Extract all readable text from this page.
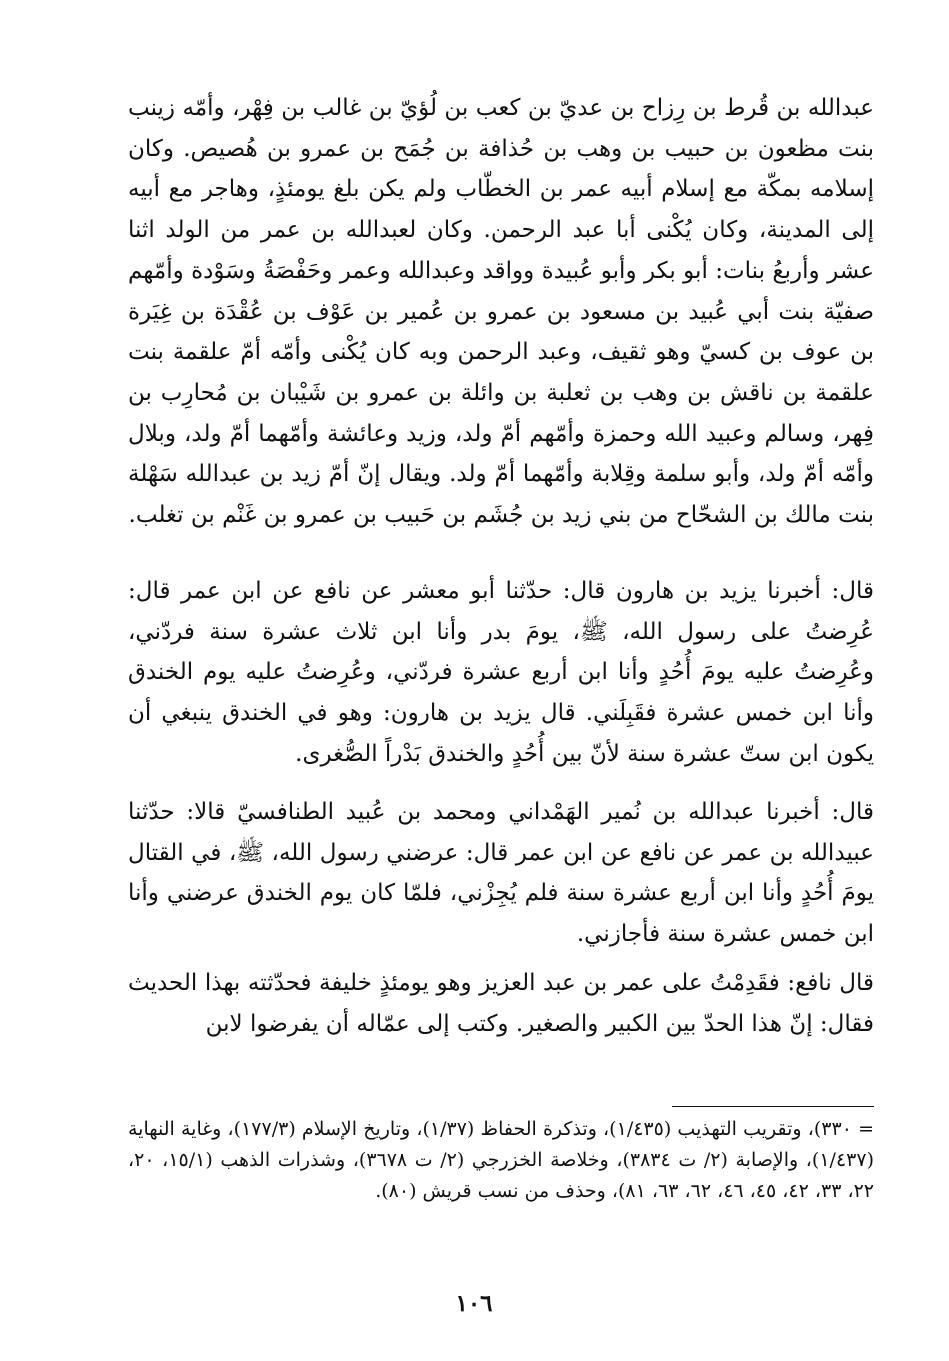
عبدالله بن قُرط بن رِزاح بن عديّ بن كعب بن لُؤيّ بن غالب بن فِهْر، وأمّه زينب بنت مظعون بن حبيب بن وهب بن حُذافة بن جُمَح بن عمرو بن هُصيص. وكان إسلامه بمكّة مع إسلام أبيه عمر بن الخطّاب ولم يكن بلغ يومئذٍ، وهاجر مع أبيه إلى المدينة، وكان يُكْنى أبا عبد الرحمن. وكان لعبدالله بن عمر من الولد اثنا عشر وأربعُ بنات: أبو بكر وأبو عُبيدة وواقد وعبدالله وعمر وحَفْصَةُ وسَوْدة وأمّهم صفيّة بنت أبي عُبيد بن مسعود بن عمرو بن عُمير بن عَوْف بن عُقْدَة بن غِيَرة بن عوف بن كسيّ وهو ثقيف، وعبد الرحمن وبه كان يُكْنى وأمّه أمّ علقمة بنت علقمة بن ناقش بن وهب بن ثعلبة بن وائلة بن عمرو بن شَيْبان بن مُحارِب بن فِهر، وسالم وعبيد الله وحمزة وأمّهم أمّ ولد، وزيد وعائشة وأمّهما أمّ ولد، وبلال وأمّه أمّ ولد، وأبو سلمة وقِلابة وأمّهما أمّ ولد. ويقال إنّ أمّ زيد بن عبدالله سَهْلة بنت مالك بن الشحّاح من بني زيد بن جُشَم بن حَبيب بن عمرو بن غَنْم بن تغلب.

قال: أخبرنا يزيد بن هارون قال: حدّثنا أبو معشر عن نافع عن ابن عمر قال: عُرِضتُ على رسول الله، ﷺ، يومَ بدر وأنا ابن ثلاث عشرة سنة فردّني، وعُرِضتُ عليه يومَ أُحُدٍ وأنا ابن أربع عشرة فردّني، وعُرِضتُ عليه يوم الخندق وأنا ابن خمس عشرة فقَبِلَني. قال يزيد بن هارون: وهو في الخندق ينبغي أن يكون ابن ستّ عشرة سنة لأنّ بين أُحُدٍ والخندق بَدْراً الصُّغرى.

قال: أخبرنا عبدالله بن نُمير الهَمْداني ومحمد بن عُبيد الطنافسيّ قالا: حدّثنا عبيدالله بن عمر عن نافع عن ابن عمر قال: عرضني رسول الله، ﷺ، في القتال يومَ أُحُدٍ وأنا ابن أربع عشرة سنة فلم يُجِزْني، فلمّا كان يوم الخندق عرضني وأنا ابن خمس عشرة سنة فأجازني.

قال نافع: فقَدِمْتُ على عمر بن عبد العزيز وهو يومئذٍ خليفة فحدّثته بهذا الحديث فقال: إنّ هذا الحدّ بين الكبير والصغير. وكتب إلى عمّاله أن يفرضوا لابن

= ٣٣٠)، وتقريب التهذيب (١/٤٣٥)، وتذكرة الحفاظ (١/٣٧)، وتاريخ الإسلام (١٧٧/٣)، وغاية النهاية (١/٤٣٧)، والإصابة (٢/ ت ٣٨٣٤)، وخلاصة الخزرجي (٢/ ت ٣٦٧٨)، وشذرات الذهب (١٥/١، ٢٠، ٢٢، ٣٣، ٤٢، ٤٥، ٤٦، ٦٢، ٦٣، ٨١)، وحذف من نسب قريش (٨٠).

١٠٦
